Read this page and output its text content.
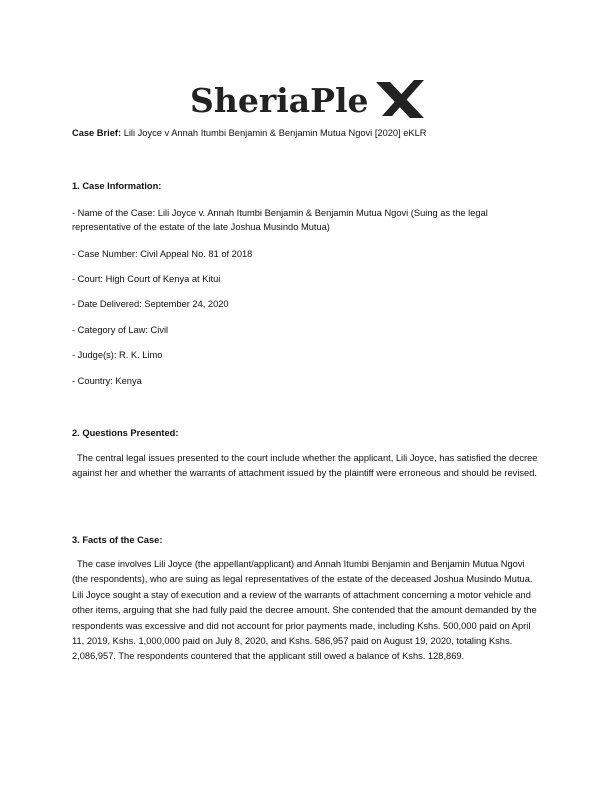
SheriaPle
Case Brief: Lili Joyce v Annah Itumbi Benjamin & Benjamin Mutua Ngovi [2020] eKLR
1. Case Information:
- Name of the Case: Lili Joyce v. Annah Itumbi Benjamin & Benjamin Mutua Ngovi (Suing as the legal representative of the estate of the late Joshua Musindo Mutua)
- Case Number: Civil Appeal No. 81 of 2018
- Court: High Court of Kenya at Kitui
- Date Delivered: September 24, 2020
- Category of Law: Civil
- Judge(s): R. K. Limo
- Country: Kenya
2. Questions Presented:
The central legal issues presented to the court include whether the applicant, Lili Joyce, has satisfied the decree against her and whether the warrants of attachment issued by the plaintiff were erroneous and should be revised.
3. Facts of the Case:
The case involves Lili Joyce (the appellant/applicant) and Annah Itumbi Benjamin and Benjamin Mutua Ngovi (the respondents), who are suing as legal representatives of the estate of the deceased Joshua Musindo Mutua. Lili Joyce sought a stay of execution and a review of the warrants of attachment concerning a motor vehicle and other items, arguing that she had fully paid the decree amount. She contended that the amount demanded by the respondents was excessive and did not account for prior payments made, including Kshs. 500,000 paid on April 11, 2019, Kshs. 1,000,000 paid on July 8, 2020, and Kshs. 586,957 paid on August 19, 2020, totaling Kshs. 2,086,957. The respondents countered that the applicant still owed a balance of Kshs. 128,869.
